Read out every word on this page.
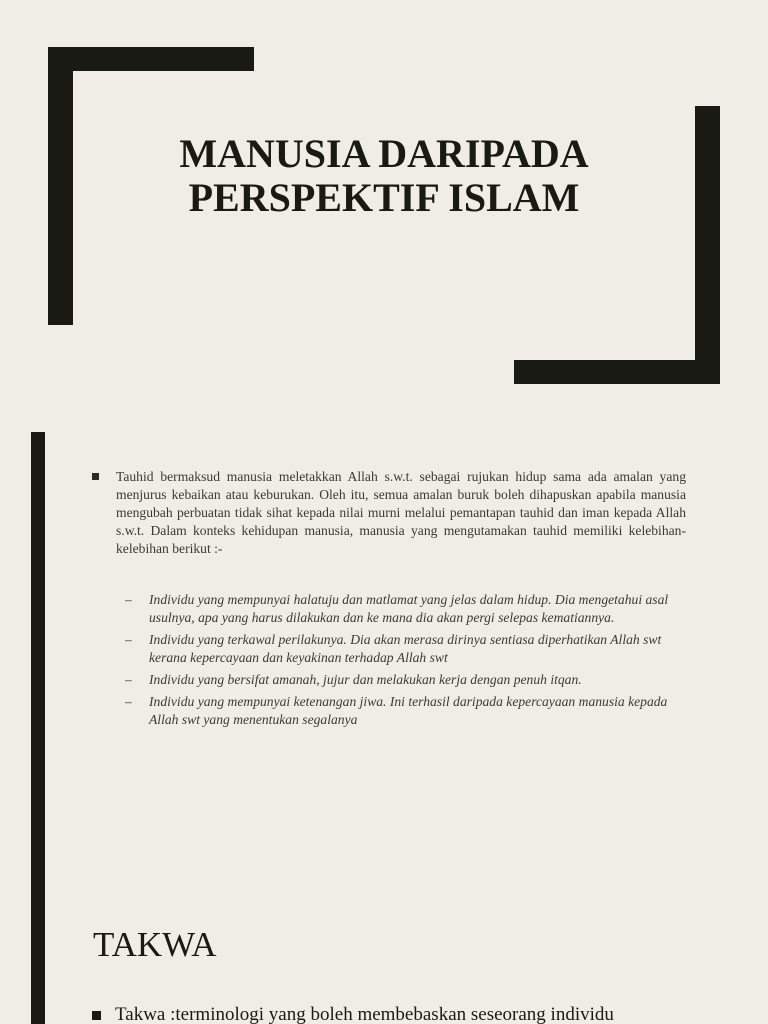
MANUSIA DARIPADA
PERSPEKTIF ISLAM

Tauhid bermaksud manusia meletakkan Allah s.w.t. sebagai rujukan hidup sama ada amalan yang menjurus kebaikan atau keburukan. Oleh itu, semua amalan buruk boleh dihapuskan apabila manusia mengubah perbuatan tidak sihat kepada nilai murni melalui pemantapan tauhid dan iman kepada Allah s.w.t. Dalam konteks kehidupan manusia, manusia yang mengutamakan tauhid memiliki kelebihan-kelebihan berikut :-

– Individu yang mempunyai halatuju dan matlamat yang jelas dalam hidup. Dia mengetahui asal usulnya, apa yang harus dilakukan dan ke mana dia akan pergi selepas kematiannya.
– Individu yang terkawal perilakunya. Dia akan merasa dirinya sentiasa diperhatikan Allah swt kerana kepercayaan dan keyakinan terhadap Allah swt
– Individu yang bersifat amanah, jujur dan melakukan kerja dengan penuh itqan.
– Individu yang mempunyai ketenangan jiwa. Ini terhasil daripada kepercayaan manusia kepada Allah swt yang menentukan segalanya
TAKWA

Takwa :terminologi yang boleh membebaskan seseorang individu
